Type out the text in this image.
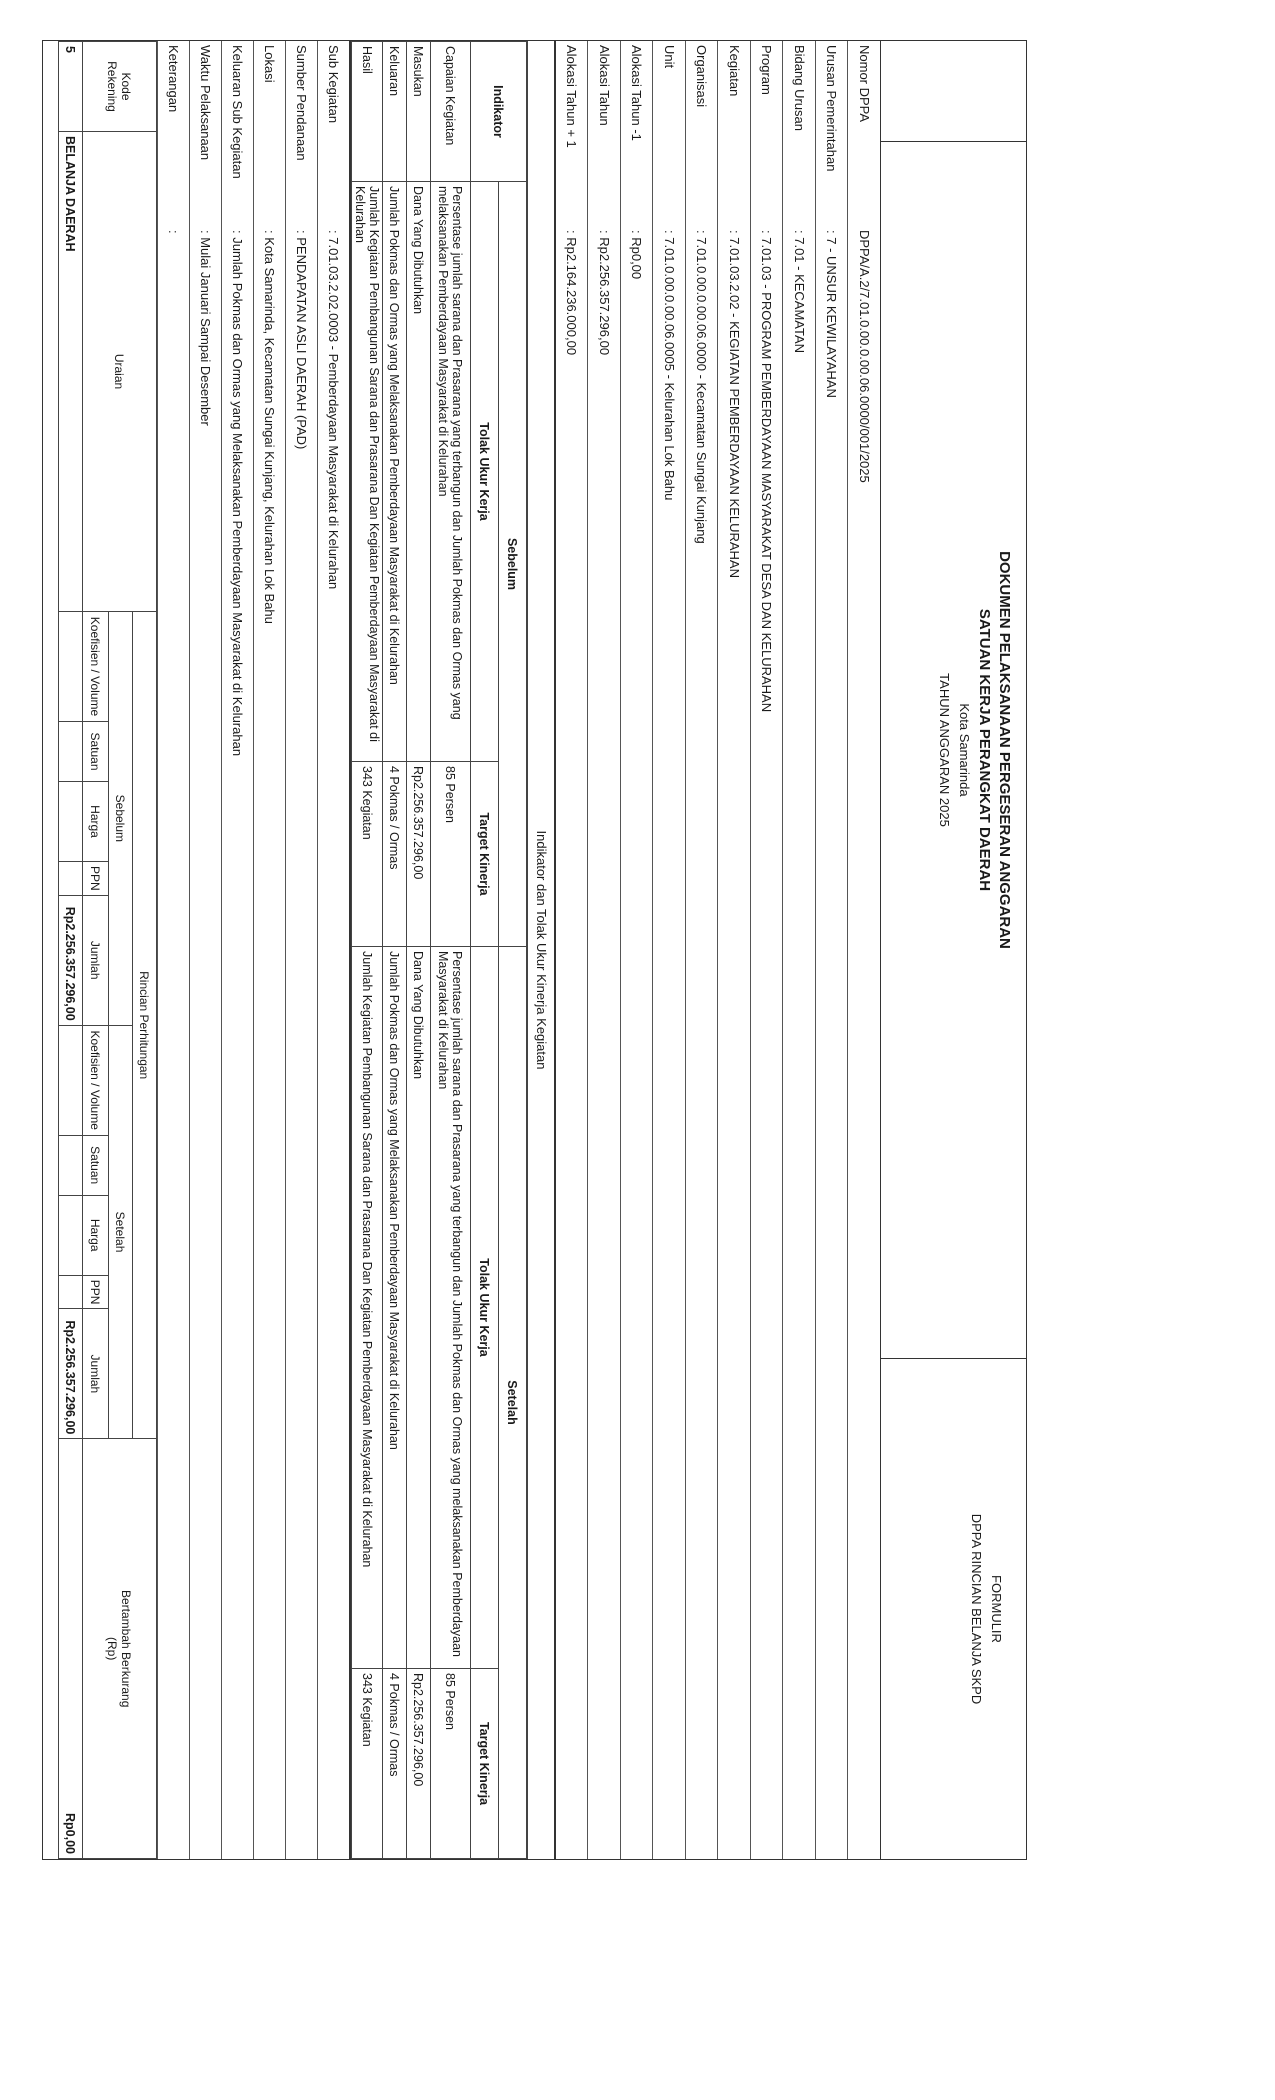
DOKUMEN PELAKSANAAN PERGESERAN ANGGARAN
SATUAN KERJA PERANGKAT DAERAH
Kota Samarinda
TAHUN ANGGARAN 2025
FORMULIR
DPPA RINCIAN BELANJA SKPD
Nomor DPPA
DPPA/A.2/7.01.0.00.0.00.06.0000/001/2025
Urusan Pemerintahan
: 7 - UNSUR KEWILAYAHAN
Bidang Urusan
: 7.01 - KECAMATAN
Program
: 7.01.03 - PROGRAM PEMBERDAYAAN MASYARAKAT DESA DAN KELURAHAN
Kegiatan
: 7.01.03.2.02 - KEGIATAN PEMBERDAYAAN KELURAHAN
Organisasi
: 7.01.0.00.0.00.06.0000 - Kecamatan Sungai Kunjang
Unit
: 7.01.0.00.0.00.06.0005 - Kelurahan Lok Bahu
Alokasi Tahun -1
: Rp0,00
Alokasi Tahun
: Rp2.256.357.296,00
Alokasi Tahun + 1
: Rp2.164.236.000,00
Indikator dan Tolak Ukur Kinerja Kegiatan
Indikator	Sebelum		Setelah	
	Tolak Ukur Kerja	Target Kinerja	Tolak Ukur Kerja	Target Kinerja
Capaian Kegiatan	Persentase jumlah sarana dan Prasarana yang terbangun dan Jumlah Pokmas dan Ormas yang melaksanakan Pemberdayaan Masyarakat di Kelurahan	85 Persen	Persentase jumlah sarana dan Prasarana yang terbangun dan Jumlah Pokmas dan Ormas yang melaksanakan Pemberdayaan Masyarakat di Kelurahan	85 Persen
Masukan	Dana Yang Dibutuhkan	Rp2.256.357.296,00	Dana Yang Dibutuhkan	Rp2.256.357.296,00
Keluaran	Jumlah Pokmas dan Ormas yang Melaksanakan Pemberdayaan Masyarakat di Kelurahan	4 Pokmas / Ormas	Jumlah Pokmas dan Ormas yang Melaksanakan Pemberdayaan Masyarakat di Kelurahan	4 Pokmas / Ormas
Hasil	Jumlah Kegiatan Pembangunan Sarana dan Prasarana Dan Kegiatan Pemberdayaan Masyarakat di Kelurahan	343 Kegiatan	Jumlah Kegiatan Pembangunan Sarana dan Prasarana Dan Kegiatan Pemberdayaan Masyarakat di Kelurahan	343 Kegiatan
Sub Kegiatan
: 7.01.03.2.02.0003 - Pemberdayaan Masyarakat di Kelurahan
Sumber Pendanaan
: PENDAPATAN ASLI DAERAH (PAD)
Lokasi
: Kota Samarinda, Kecamatan Sungai Kunjang, Kelurahan Lok Bahu
Keluaran Sub Kegiatan
: Jumlah Pokmas dan Ormas yang Melaksanakan Pemberdayaan Masyarakat di Kelurahan
Waktu Pelaksanaan
: Mulai Januari Sampai Desember
Keterangan
:
Kode Rekening	Uraian	Rincian Perhitungan										Bertambah Berkurang
(Rp)
		Sebelum					Setelah					
		Koefisien / Volume	Satuan	Harga	PPN	Jumlah	Koefisien / Volume	Satuan	Harga	PPN	Jumlah	
5	BELANJA DAERAH					Rp2.256.357.296,00					Rp2.256.357.296,00	Rp0,00
